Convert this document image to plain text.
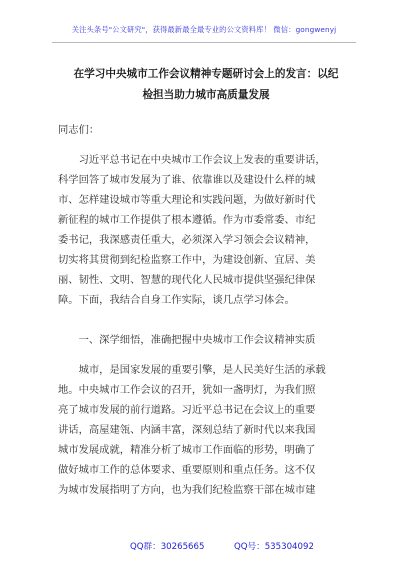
关注头条号"公文研究"，获得最新最全最专业的公文资料库！ 微信：gongwenyj
在学习中央城市工作会议精神专题研讨会上的发言：以纪
检担当助力城市高质量发展
同志们：
　　习近平总书记在中央城市工作会议上发表的重要讲话，
科学回答了城市发展为了谁、依靠谁以及建设什么样的城
市、怎样建设城市等重大理论和实践问题，为做好新时代
新征程的城市工作提供了根本遵循。作为市委常委、市纪
委书记，我深感责任重大，必须深入学习领会会议精神，
切实将其贯彻到纪检监察工作中，为建设创新、宜居、美
丽、韧性、文明、智慧的现代化人民城市提供坚强纪律保
障。下面，我结合自身工作实际，谈几点学习体会。
　　一、深学细悟，准确把握中央城市工作会议精神实质
　　城市，是国家发展的重要引擎，是人民美好生活的承载
地。中央城市工作会议的召开，犹如一盏明灯，为我们照
亮了城市发展的前行道路。习近平总书记在会议上的重要
讲话，高屋建瓴、内涵丰富，深刻总结了新时代以来我国
城市发展成就，精准分析了城市工作面临的形势，明确了
做好城市工作的总体要求、重要原则和重点任务。这不仅
为城市发展指明了方向，也为我们纪检监察干部在城市建
QQ群：30265665	QQ号：535304092
